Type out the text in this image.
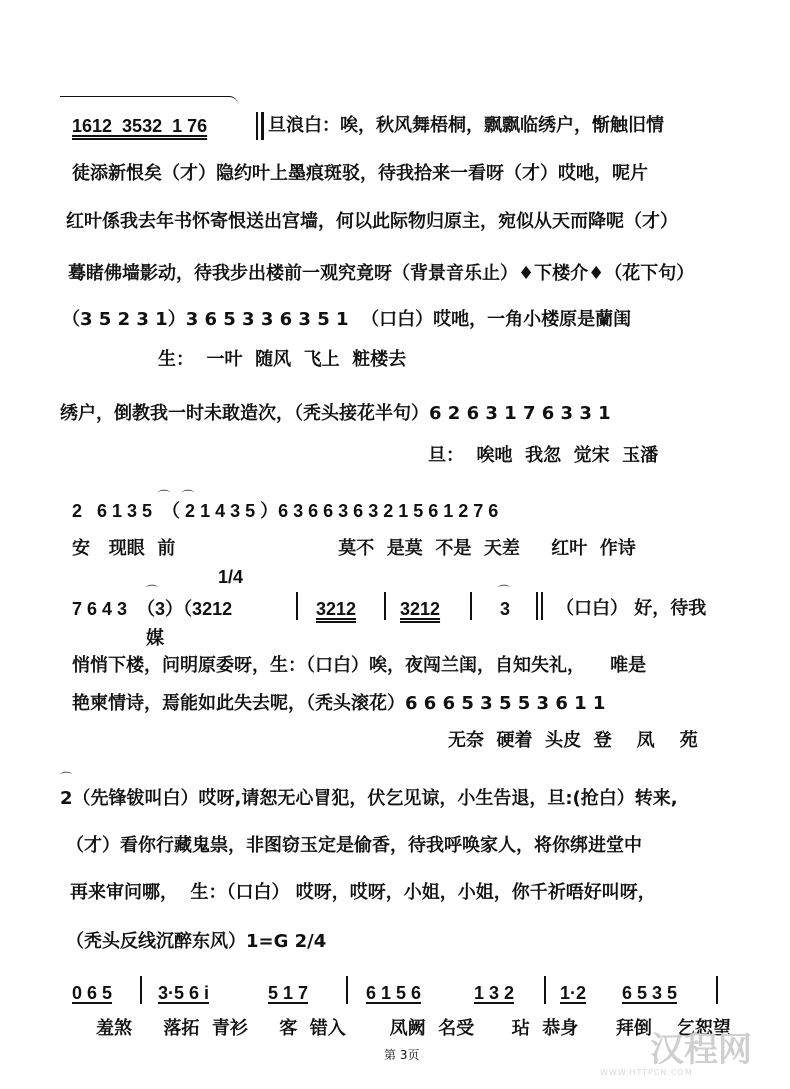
1612  3532  1 76	旦浪白：唉，秋风舞梧桐，飘飘临绣户，惭触旧情
徒添新恨矣（才）隐约叶上墨痕斑驳，待我拾来一看呀（才）哎吔，呢片
红叶係我去年书怀寄恨送出宫墙，何以此际物归原主，宛似从天而降呢（才）
蓦睹佛墙影动，待我步出楼前一观究竟呀（背景音乐止）♦下楼介♦（花下句）
（3 5 2 3 1）3 6 5 3 3 6 3 5 1  （口白）哎吔，一角小楼原是蘭闺
生：  一叶  随风  飞上  粧楼去
绣户，倒教我一时未敢造次，（秃头接花半句）6 2 6 3 1 7 6 3 3 1
旦：  唉吔  我忽  觉宋  玉潘
⌒ ⌒
2   6 1 3 5  （ 2 1 4 3 5 ）6 3 6 6 3 6 3 2 1 5 6 1 2 7 6
安   现眼  前                          莫不  是莫  不是  天差     红叶  作诗
1/4
⌒
7 6 4 3  （3）（3212	3212 3212
⌒
3	（口白） 好，待我
媒
悄悄下楼，问明原委呀，生：（口白）唉，夜闯兰闺，自知失礼，    唯是
艳柬情诗，焉能如此失去呢，（秃头滚花）6 6 6 5 3 5 5 3 6 1 1
无奈  硬着  头皮  登    凤    苑
⌒
2（先锋钹叫白）哎呀,请恕无心冒犯，伏乞见谅，小生告退，旦:(抢白）转来,
（才）看你行藏鬼祟，非图窃玉定是偷香，待我呼唤家人，将你绑进堂中
再来审问哪，  生：（口白） 哎呀，哎呀，小姐，小姐，你千祈唔好叫呀，
（秃头反线沉醉东风）1=G 2/4
0 6 5	3·5 6 i	5 1 7	6 1 5 6	1 3 2	1·2 6 5 3 5
羞煞     落拓  青衫     客  错入       凤阙  名受      玷  恭身      拜倒    乞恕望
第 3页	汉程网
WWW.HTTPCN.COM
